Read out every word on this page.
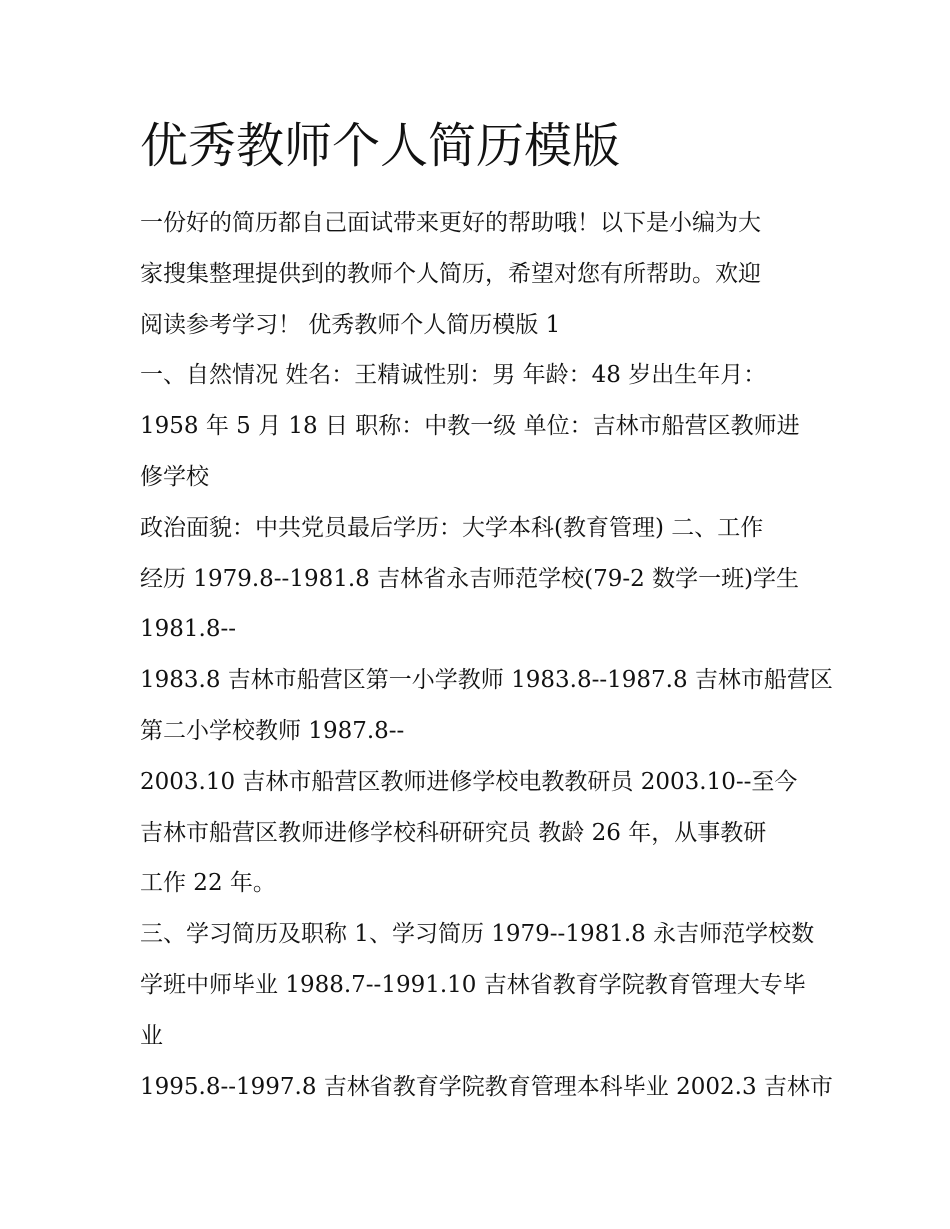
优秀教师个人简历模版
一份好的简历都自己面试带来更好的帮助哦！以下是小编为大
家搜集整理提供到的教师个人简历，希望对您有所帮助。欢迎
阅读参考学习！ 优秀教师个人简历模版 1
一、自然情况 姓名：王精诚性别：男 年龄：48 岁出生年月：
1958 年 5 月 18 日 职称：中教一级 单位：吉林市船营区教师进
修学校
政治面貌：中共党员最后学历：大学本科(教育管理) 二、工作
经历 1979.8--1981.8 吉林省永吉师范学校(79-2 数学一班)学生
1981.8--
1983.8 吉林市船营区第一小学教师 1983.8--1987.8 吉林市船营区
第二小学校教师 1987.8--
2003.10 吉林市船营区教师进修学校电教教研员 2003.10--至今
吉林市船营区教师进修学校科研研究员 教龄 26 年，从事教研
工作 22 年。
三、学习简历及职称 1、学习简历 1979--1981.8 永吉师范学校数
学班中师毕业 1988.7--1991.10 吉林省教育学院教育管理大专毕
业
1995.8--1997.8 吉林省教育学院教育管理本科毕业 2002.3 吉林市
